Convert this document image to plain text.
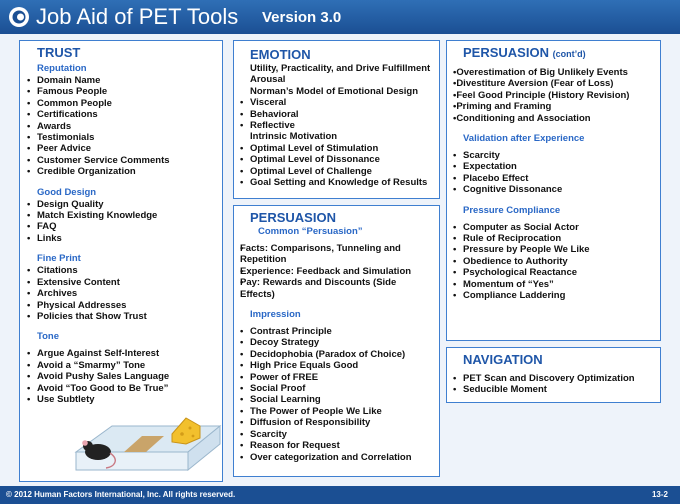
Job Aid of PET Tools Version 3.0
TRUST
Reputation
• Domain Name
• Famous People
• Common People
• Certifications
• Awards
• Testimonials
• Peer Advice
• Customer Service Comments
• Credible Organization
Good Design
• Design Quality
• Match Existing Knowledge
• FAQ
• Links
Fine Print
• Citations
• Extensive Content
• Archives
• Physical Addresses
• Policies that Show Trust
Tone
• Argue Against Self-Interest
• Avoid a “Smarmy” Tone
• Avoid Pushy Sales Language
• Avoid “Too Good to Be True”
• Use Subtlety
EMOTION
Utility, Practicality, and Drive Fulfillment
Arousal
Norman’s Model of Emotional Design
• Visceral
• Behavioral
• Reflective
Intrinsic Motivation
• Optimal Level of Stimulation
• Optimal Level of Dissonance
• Optimal Level of Challenge
• Goal Setting and Knowledge of Results
PERSUASION
Common “Persuasion”
• Facts: Comparisons, Tunneling and Repetition
• Experience: Feedback and Simulation
• Pay: Rewards and Discounts (Side Effects)
Impression
• Contrast Principle
• Decoy Strategy
• Decidophobia (Paradox of Choice)
• High Price Equals Good
• Power of FREE
• Social Proof
• Social Learning
• The Power of People We Like
• Diffusion of Responsibility
• Scarcity
• Reason for Request
• Over categorization and Correlation
PERSUASION (cont’d)
•Overestimation of Big Unlikely Events
•Divestiture Aversion (Fear of Loss)
•Feel Good Principle (History Revision)
•Priming and Framing
•Conditioning and Association
Validation after Experience
• Scarcity
• Expectation
• Placebo Effect
• Cognitive Dissonance
Pressure Compliance
• Computer as Social Actor
• Rule of Reciprocation
• Pressure by People We Like
• Obedience to Authority
• Psychological Reactance
• Momentum of “Yes”
• Compliance Laddering
NAVIGATION
• PET Scan and Discovery Optimization
• Seducible Moment
© 2012 Human Factors International, Inc. All rights reserved.	13-2
